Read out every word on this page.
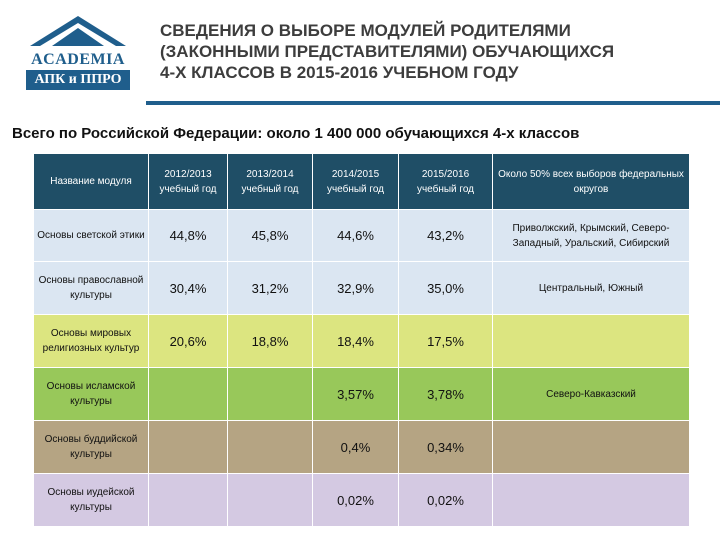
ACADEMIA
АПК и ППРО
СВЕДЕНИЯ О ВЫБОРЕ МОДУЛЕЙ РОДИТЕЛЯМИ
(ЗАКОННЫМИ ПРЕДСТАВИТЕЛЯМИ) ОБУЧАЮЩИХСЯ
4-Х КЛАССОВ В 2015-2016 УЧЕБНОМ ГОДУ
Всего по Российской Федерации: около 1 400 000 обучающихся 4-х классов
Название модуля	2012/2013 учебный год	2013/2014 учебный год	2014/2015 учебный год	2015/2016 учебный год	Около 50% всех выборов федеральных округов
Основы светской этики	44,8%	45,8%	44,6%	43,2%	Приволжский, Крымский, Северо-Западный, Уральский, Сибирский
Основы православной культуры	30,4%	31,2%	32,9%	35,0%	Центральный, Южный
Основы мировых религиозных культур	20,6%	18,8%	18,4%	17,5%	
Основы исламской культуры			3,57%	3,78%	Северо-Кавказский
Основы буддийской культуры			0,4%	0,34%	
Основы иудейской культуры			0,02%	0,02%	
